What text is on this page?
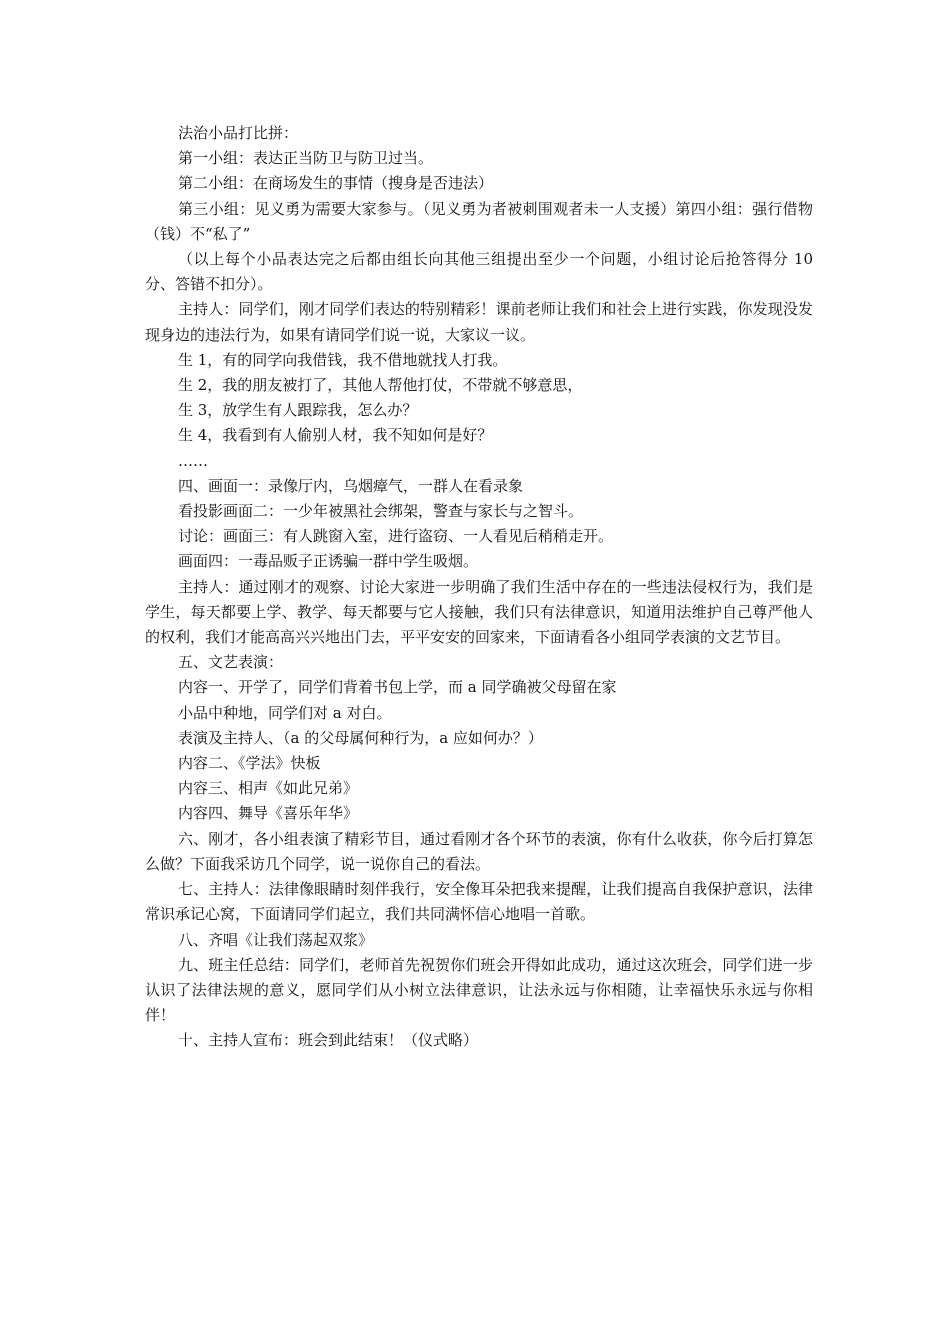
法治小品打比拼：

第一小组：表达正当防卫与防卫过当。

第二小组：在商场发生的事情（搜身是否违法）

第三小组：见义勇为需要大家参与。（见义勇为者被刺围观者未一人支援）第四小组：强行借物（钱）不“私了”

（以上每个小品表达完之后都由组长向其他三组提出至少一个问题，小组讨论后抢答得分 10 分、答错不扣分）。

主持人：同学们，刚才同学们表达的特别精彩！课前老师让我们和社会上进行实践，你发现没发现身边的违法行为，如果有请同学们说一说，大家议一议。

生 1，有的同学向我借钱，我不借地就找人打我。

生 2，我的朋友被打了，其他人帮他打仗，不带就不够意思，

生 3，放学生有人跟踪我，怎么办？

生 4，我看到有人偷别人材，我不知如何是好？

……

四、画面一：录像厅内，乌烟瘴气，一群人在看录象

看投影画面二：一少年被黑社会绑架，警查与家长与之智斗。

讨论：画面三：有人跳窗入室，进行盗窃、一人看见后稍稍走开。

画面四：一毒品贩子正诱骗一群中学生吸烟。

主持人：通过刚才的观察、讨论大家进一步明确了我们生活中存在的一些违法侵权行为，我们是学生，每天都要上学、教学、每天都要与它人接触，我们只有法律意识，知道用法维护自己尊严他人的权利，我们才能高高兴兴地出门去，平平安安的回家来，下面请看各小组同学表演的文艺节目。

五、文艺表演：

内容一、开学了，同学们背着书包上学，而 a 同学确被父母留在家

小品中种地，同学们对 a 对白。

表演及主持人、（a 的父母属何种行为，a 应如何办？）

内容二、《学法》快板

内容三、相声《如此兄弟》

内容四、舞导《喜乐年华》

六、刚才，各小组表演了精彩节目，通过看刚才各个环节的表演，你有什么收获，你今后打算怎么做？下面我采访几个同学，说一说你自己的看法。

七、主持人：法律像眼睛时刻伴我行，安全像耳朵把我来提醒，让我们提高自我保护意识，法律常识承记心窝，下面请同学们起立，我们共同满怀信心地唱一首歌。

八、齐唱《让我们荡起双浆》

九、班主任总结：同学们，老师首先祝贺你们班会开得如此成功，通过这次班会，同学们进一步认识了法律法规的意义，愿同学们从小树立法律意识，让法永远与你相随，让幸福快乐永远与你相伴！

十、主持人宣布：班会到此结束！（仪式略）
